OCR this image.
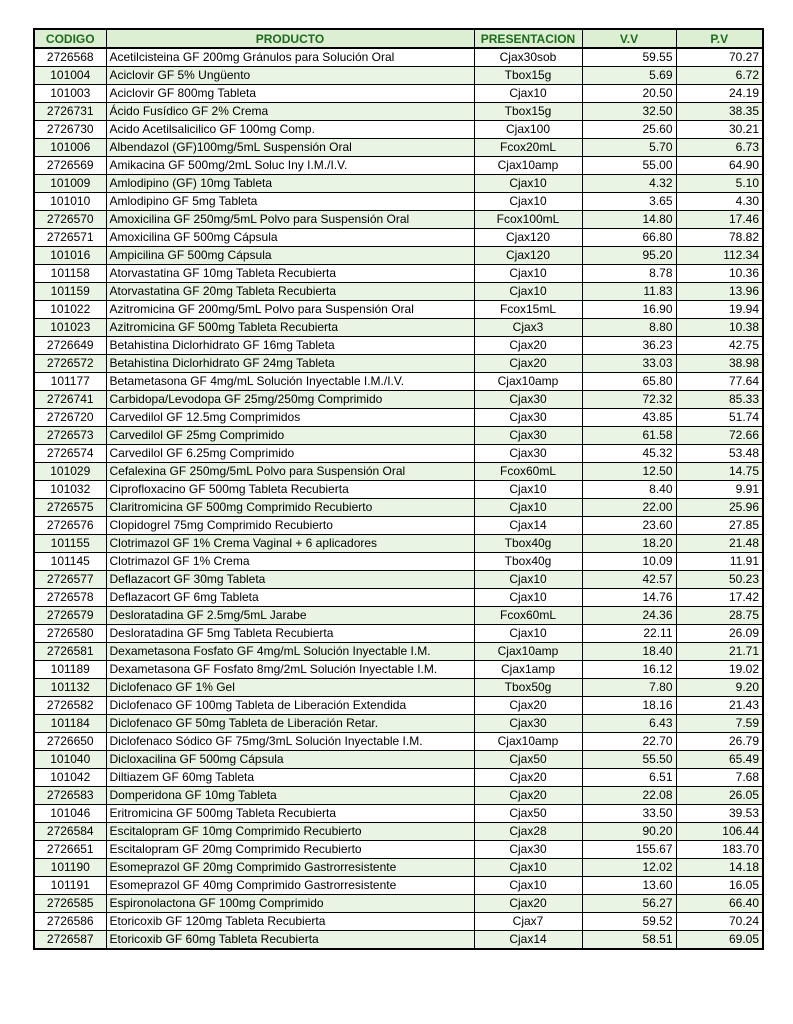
CODIGO	PRODUCTO	PRESENTACION	V.V	P.V
2726568	Acetilcisteina GF 200mg Gránulos para Solución Oral	Cjax30sob	59.55	70.27
101004	Aciclovir GF 5% Ungüento	Tbox15g	5.69	6.72
101003	Aciclovir GF 800mg Tableta	Cjax10	20.50	24.19
2726731	Ácido Fusídico GF 2% Crema	Tbox15g	32.50	38.35
2726730	Acido Acetilsalicilico GF 100mg Comp.	Cjax100	25.60	30.21
101006	Albendazol (GF)100mg/5mL Suspensión Oral	Fcox20mL	5.70	6.73
2726569	Amikacina GF 500mg/2mL Soluc Iny I.M./I.V.	Cjax10amp	55.00	64.90
101009	Amlodipino (GF) 10mg Tableta	Cjax10	4.32	5.10
101010	Amlodipino GF 5mg Tableta	Cjax10	3.65	4.30
2726570	Amoxicilina GF 250mg/5mL Polvo para Suspensión Oral	Fcox100mL	14.80	17.46
2726571	Amoxicilina GF 500mg Cápsula	Cjax120	66.80	78.82
101016	Ampicilina GF 500mg Cápsula	Cjax120	95.20	112.34
101158	Atorvastatina GF 10mg Tableta Recubierta	Cjax10	8.78	10.36
101159	Atorvastatina GF 20mg Tableta Recubierta	Cjax10	11.83	13.96
101022	Azitromicina GF 200mg/5mL Polvo para Suspensión Oral	Fcox15mL	16.90	19.94
101023	Azitromicina GF 500mg Tableta Recubierta	Cjax3	8.80	10.38
2726649	Betahistina Diclorhidrato GF 16mg Tableta	Cjax20	36.23	42.75
2726572	Betahistina Diclorhidrato GF 24mg Tableta	Cjax20	33.03	38.98
101177	Betametasona GF 4mg/mL Solución Inyectable I.M./I.V.	Cjax10amp	65.80	77.64
2726741	Carbidopa/Levodopa GF 25mg/250mg Comprimido	Cjax30	72.32	85.33
2726720	Carvedilol GF 12.5mg Comprimidos	Cjax30	43.85	51.74
2726573	Carvedilol GF 25mg Comprimido	Cjax30	61.58	72.66
2726574	Carvedilol GF 6.25mg Comprimido	Cjax30	45.32	53.48
101029	Cefalexina GF 250mg/5mL Polvo para Suspensión Oral	Fcox60mL	12.50	14.75
101032	Ciprofloxacino GF 500mg Tableta Recubierta	Cjax10	8.40	9.91
2726575	Claritromicina GF 500mg Comprimido Recubierto	Cjax10	22.00	25.96
2726576	Clopidogrel 75mg Comprimido Recubierto	Cjax14	23.60	27.85
101155	Clotrimazol GF 1% Crema Vaginal + 6 aplicadores	Tbox40g	18.20	21.48
101145	Clotrimazol GF 1% Crema	Tbox40g	10.09	11.91
2726577	Deflazacort GF 30mg Tableta	Cjax10	42.57	50.23
2726578	Deflazacort GF 6mg Tableta	Cjax10	14.76	17.42
2726579	Desloratadina GF 2.5mg/5mL Jarabe	Fcox60mL	24.36	28.75
2726580	Desloratadina GF 5mg Tableta Recubierta	Cjax10	22.11	26.09
2726581	Dexametasona Fosfato GF 4mg/mL Solución Inyectable I.M.	Cjax10amp	18.40	21.71
101189	Dexametasona GF Fosfato 8mg/2mL Solución Inyectable I.M.	Cjax1amp	16.12	19.02
101132	Diclofenaco GF 1% Gel	Tbox50g	7.80	9.20
2726582	Diclofenaco GF 100mg Tableta de Liberación Extendida	Cjax20	18.16	21.43
101184	Diclofenaco GF 50mg Tableta de Liberación Retar.	Cjax30	6.43	7.59
2726650	Diclofenaco Sódico GF 75mg/3mL Solución Inyectable I.M.	Cjax10amp	22.70	26.79
101040	Dicloxacilina GF 500mg Cápsula	Cjax50	55.50	65.49
101042	Diltiazem GF 60mg Tableta	Cjax20	6.51	7.68
2726583	Domperidona GF 10mg Tableta	Cjax20	22.08	26.05
101046	Eritromicina GF 500mg Tableta Recubierta	Cjax50	33.50	39.53
2726584	Escitalopram GF 10mg Comprimido Recubierto	Cjax28	90.20	106.44
2726651	Escitalopram GF 20mg Comprimido Recubierto	Cjax30	155.67	183.70
101190	Esomeprazol GF 20mg Comprimido Gastrorresistente	Cjax10	12.02	14.18
101191	Esomeprazol GF 40mg Comprimido Gastrorresistente	Cjax10	13.60	16.05
2726585	Espironolactona GF 100mg Comprimido	Cjax20	56.27	66.40
2726586	Etoricoxib GF 120mg Tableta Recubierta	Cjax7	59.52	70.24
2726587	Etoricoxib GF 60mg Tableta Recubierta	Cjax14	58.51	69.05
